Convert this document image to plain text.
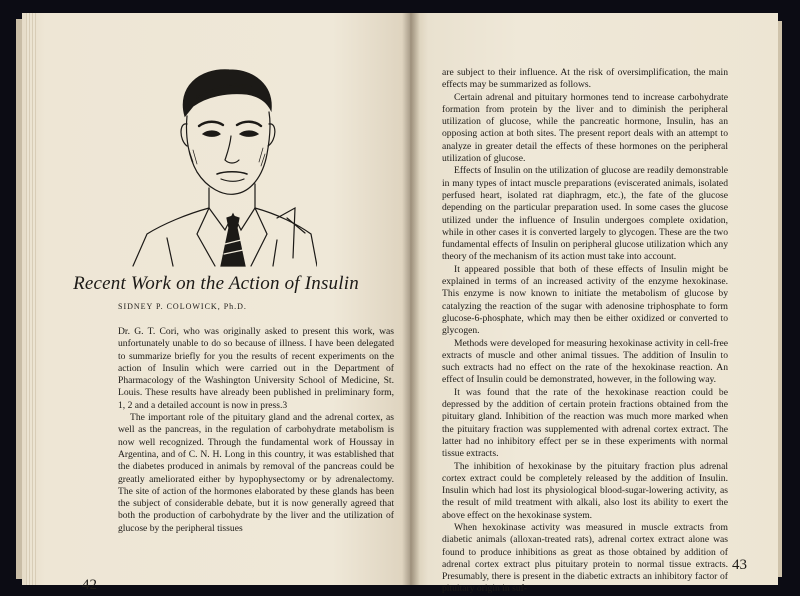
Recent Work on the Action of Insulin
SIDNEY P. COLOWICK, Ph.D.

Dr. G. T. Cori, who was originally asked to present this work, was unfortunately unable to do so because of illness. I have been delegated to summarize briefly for you the results of recent experiments on the action of Insulin which were carried out in the Department of Pharmacology of the Washington University School of Medicine, St. Louis. These results have already been published in preliminary form, 1, 2 and a detailed account is now in press.3

The important role of the pituitary gland and the adrenal cortex, as well as the pancreas, in the regulation of carbohydrate metabolism is now well recognized. Through the fundamental work of Houssay in Argentina, and of C. N. H. Long in this country, it was established that the diabetes produced in animals by removal of the pancreas could be greatly ameliorated either by hypophysectomy or by adrenalectomy. The site of action of the hormones elaborated by these glands has been the subject of considerable debate, but it is now generally agreed that both the production of carbohydrate by the liver and the utilization of glucose by the peripheral tissues

42

are subject to their influence. At the risk of oversimplification, the main effects may be summarized as follows.

Certain adrenal and pituitary hormones tend to increase carbohydrate formation from protein by the liver and to diminish the peripheral utilization of glucose, while the pancreatic hormone, Insulin, has an opposing action at both sites. The present report deals with an attempt to analyze in greater detail the effects of these hormones on the peripheral utilization of glucose.

Effects of Insulin on the utilization of glucose are readily demonstrable in many types of intact muscle preparations (eviscerated animals, isolated perfused heart, isolated rat diaphragm, etc.), the fate of the glucose depending on the particular preparation used. In some cases the glucose utilized under the influence of Insulin undergoes complete oxidation, while in other cases it is converted largely to glycogen. These are the two fundamental effects of Insulin on peripheral glucose utilization which any theory of the mechanism of its action must take into account.

It appeared possible that both of these effects of Insulin might be explained in terms of an increased activity of the enzyme hexokinase. This enzyme is now known to initiate the metabolism of glucose by catalyzing the reaction of the sugar with adenosine triphosphate to form glucose-6-phosphate, which may then be either oxidized or converted to glycogen.

Methods were developed for measuring hexokinase activity in cell-free extracts of muscle and other animal tissues. The addition of Insulin to such extracts had no effect on the rate of the hexokinase reaction. An effect of Insulin could be demonstrated, however, in the following way.

It was found that the rate of the hexokinase reaction could be depressed by the addition of certain protein fractions obtained from the pituitary gland. Inhibition of the reaction was much more marked when the pituitary fraction was supplemented with adrenal cortex extract. The latter had no inhibitory effect per se in these experiments with normal tissue extracts.

The inhibition of hexokinase by the pituitary fraction plus adrenal cortex extract could be completely released by the addition of Insulin. Insulin which had lost its physiological blood-sugar-lowering activity, as the result of mild treatment with alkali, also lost its ability to exert the above effect on the hexokinase system.

When hexokinase activity was measured in muscle extracts from diabetic animals (alloxan-treated rats), adrenal cortex extract alone was found to produce inhibitions as great as those obtained by addition of adrenal cortex extract plus pituitary protein to normal tissue extracts. Presumably, there is present in the diabetic extracts an inhibitory factor of pituitary origin in suf-

43
